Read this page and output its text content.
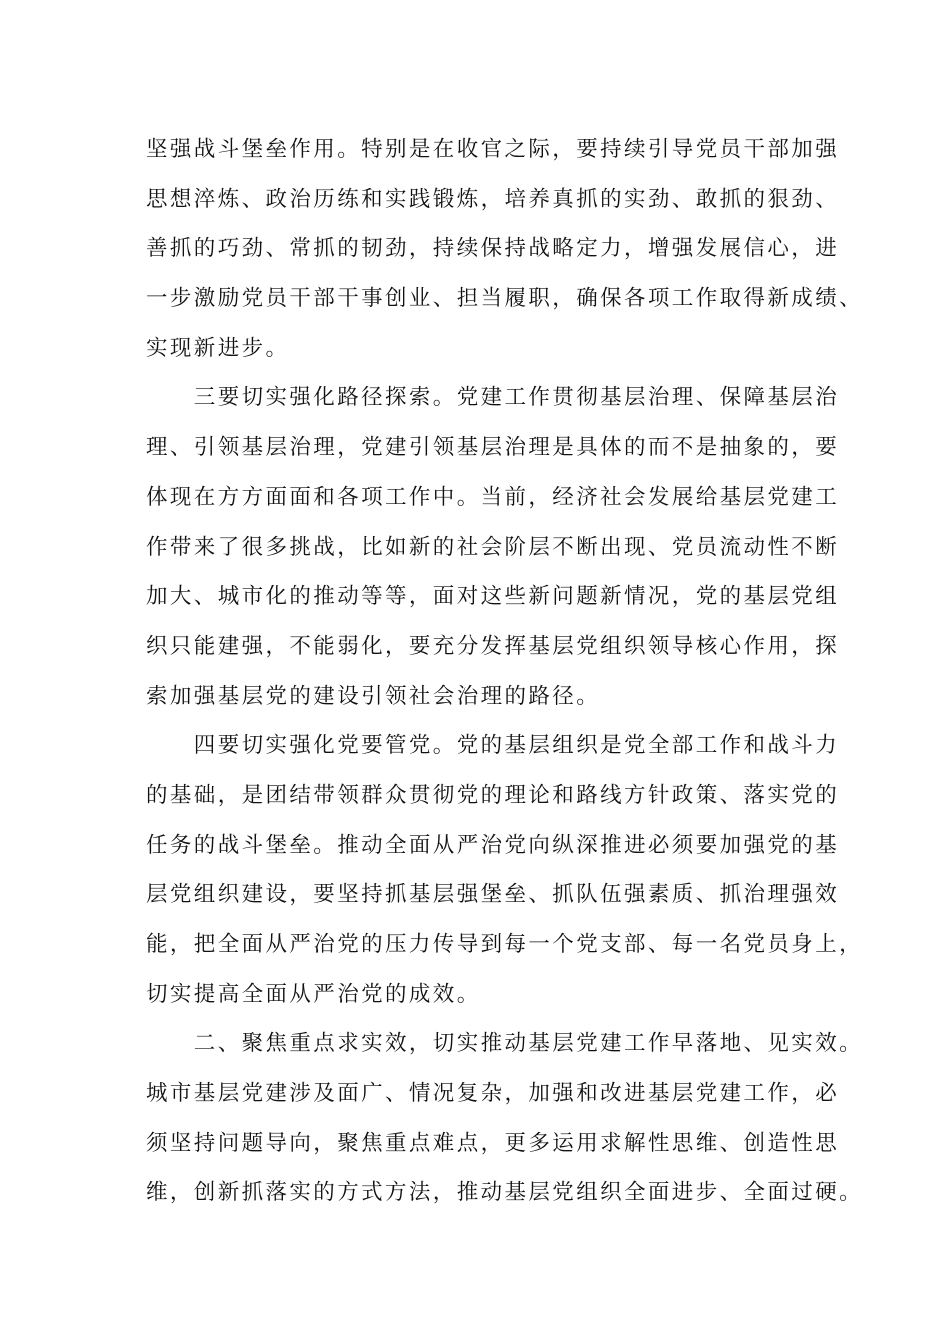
坚强战斗堡垒作用。特别是在收官之际，要持续引导党员干部加强

思想淬炼、政治历练和实践锻炼，培养真抓的实劲、敢抓的狠劲、

善抓的巧劲、常抓的韧劲，持续保持战略定力，增强发展信心，进

一步激励党员干部干事创业、担当履职，确保各项工作取得新成绩、

实现新进步。

　　三要切实强化路径探索。党建工作贯彻基层治理、保障基层治

理、引领基层治理，党建引领基层治理是具体的而不是抽象的，要

体现在方方面面和各项工作中。当前，经济社会发展给基层党建工

作带来了很多挑战，比如新的社会阶层不断出现、党员流动性不断

加大、城市化的推动等等，面对这些新问题新情况，党的基层党组

织只能建强，不能弱化，要充分发挥基层党组织领导核心作用，探

索加强基层党的建设引领社会治理的路径。

　　四要切实强化党要管党。党的基层组织是党全部工作和战斗力

的基础，是团结带领群众贯彻党的理论和路线方针政策、落实党的

任务的战斗堡垒。推动全面从严治党向纵深推进必须要加强党的基

层党组织建设，要坚持抓基层强堡垒、抓队伍强素质、抓治理强效

能，把全面从严治党的压力传导到每一个党支部、每一名党员身上，

切实提高全面从严治党的成效。

　　二、聚焦重点求实效，切实推动基层党建工作早落地、见实效。

城市基层党建涉及面广、情况复杂，加强和改进基层党建工作，必

须坚持问题导向，聚焦重点难点，更多运用求解性思维、创造性思

维，创新抓落实的方式方法，推动基层党组织全面进步、全面过硬。
